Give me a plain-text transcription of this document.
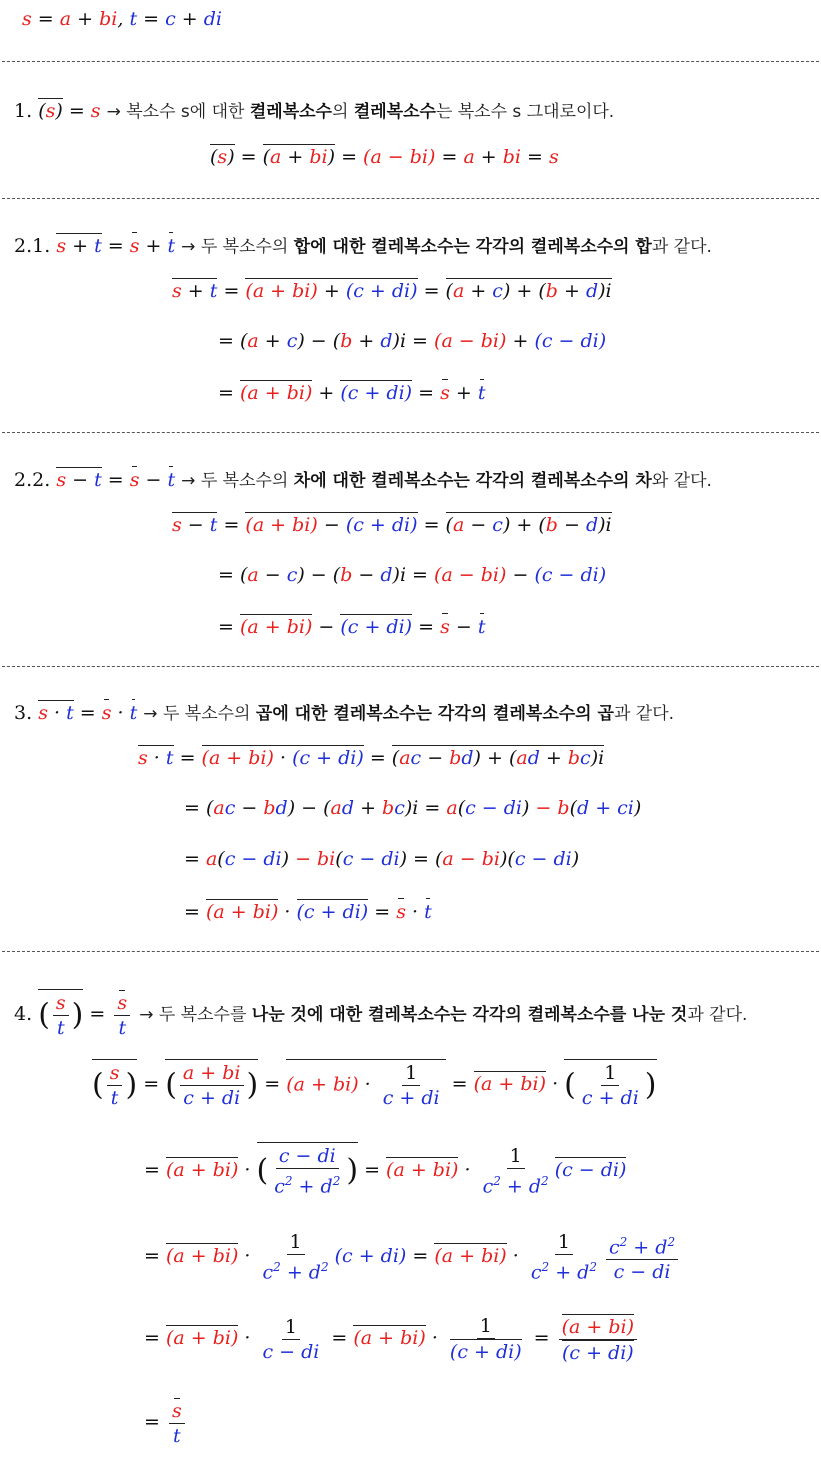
s = a + bi, t = c + di
1. (s) = s → 복소수 s에 대한 켤레복소수의 켤레복소수는 복소수 s 그대로이다.
(s) = (a + bi) = (a − bi) = a + bi = s
2.1. s + t = s + t → 두 복소수의 합에 대한 켤레복소수는 각각의 켤레복소수의 합과 같다.
s + t = (a + bi) + (c + di) = (a + c) + (b + d)i
= (a + c) − (b + d)i = (a − bi) + (c − di)
= (a + bi) + (c + di) = s + t
2.2. s − t = s − t → 두 복소수의 차에 대한 켤레복소수는 각각의 켤레복소수의 차와 같다.
s − t = (a + bi) − (c + di) = (a − c) + (b − d)i
= (a − c) − (b − d)i = (a − bi) − (c − di)
= (a + bi) − (c + di) = s − t
3. s · t = s · t → 두 복소수의 곱에 대한 켤레복소수는 각각의 켤레복소수의 곱과 같다.
s · t = (a + bi) · (c + di) = (ac − bd) + (ad + bc)i
= (ac − bd) − (ad + bc)i = a(c − di) − b(d + ci)
= a(c − di) − bi(c − di) = (a − bi)(c − di)
= (a + bi) · (c + di) = s · t
4. ( $\frac{s}{t}$ ) = $\frac{s}{t}$ → 두 복소수를 나눈 것에 대한 켤레복소수는 각각의 켤레복소수를 나눈 것과 같다.
( $\frac{s}{t}$ ) = ( $\frac{a + bi}{c + di}$ ) = $(a + bi) \cdot \frac{1}{c + di} = (a + bi)$ · ( $\frac{1}{c + di}$ )
= (a + bi) · ( $\frac{c - di}{c^2 + d^2}$ ) = $(a + bi) \cdot \frac{1}{c^2 + d^2} (c - di)$
= $(a + bi) \cdot \frac{1}{c^2 + d^2} (c + di) = (a + bi) \cdot \frac{1}{c^2 + d^2} \frac{c^2 + d^2}{c - di}$
= $(a + bi) \cdot \frac{1}{c - di} = (a + bi) \cdot \frac{1}{(c + di)} = \frac{(a + bi)}{(c + di)}$
= $\frac{s}{t}$
